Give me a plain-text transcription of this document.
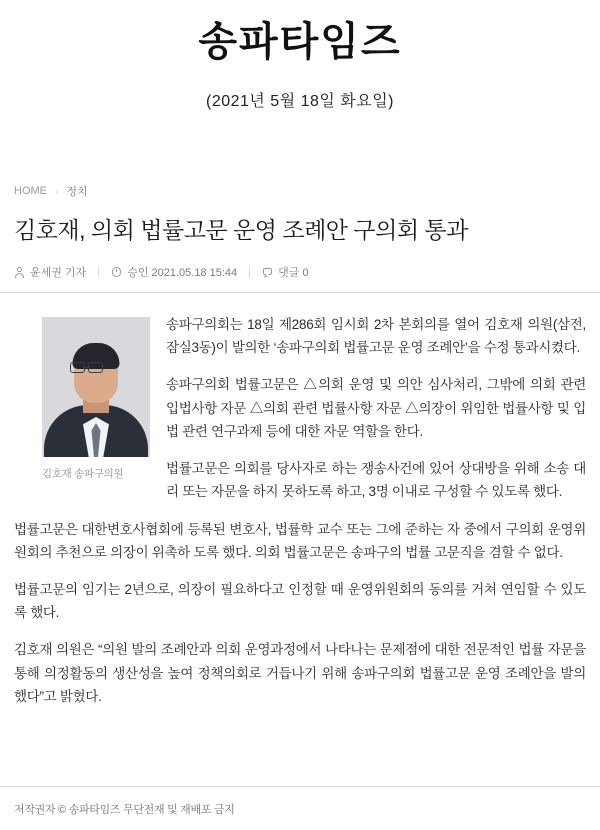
송파타임즈
(2021년 5월 18일 화요일)
HOME › 정치
김호재, 의회 법률고문 운영 조례안 구의회 통과
윤세권 기자	승인 2021.05.18 15:44	댓글 0
김호재 송파구의원

송파구의회는 18일 제286회 임시회 2차 본회의를 열어 김호재 의원(삼전, 잠실3동)이 발의한 ‘송파구의회 법률고문 운영 조례안’을 수정 통과시켰다.

송파구의회 법률고문은 △의회 운영 및 의안 심사처리, 그밖에 의회 관련 입법사항 자문 △의회 관련 법률사항 자문 △의장이 위임한 법률사항 및 입법 관련 연구과제 등에 대한 자문 역할을 한다.

법률고문은 의회를 당사자로 하는 쟁송사건에 있어 상대방을 위해 소송 대리 또는 자문을 하지 못하도록 하고, 3명 이내로 구성할 수 있도록 했다.

법률고문은 대한변호사협회에 등록된 변호사, 법률학 교수 또는 그에 준하는 자 중에서 구의회 운영위원회의 추천으로 의장이 위촉하 도록 했다. 의회 법률고문은 송파구의 법률 고문직을 겸할 수 없다.

법률고문의 임기는 2년으로, 의장이 필요하다고 인정할 때 운영위원회의 동의를 거쳐 연임할 수 있도록 했다.

김호재 의원은 “의원 발의 조례안과 의회 운영과정에서 나타나는 문제점에 대한 전문적인 법률 자문을 통해 의정활동의 생산성을 높여 정책의회로 거듭나기 위해 송파구의회 법률고문 운영 조례안을 발의했다”고 밝혔다.

저작권자 © 송파타임즈 무단전재 및 재배포 금지
